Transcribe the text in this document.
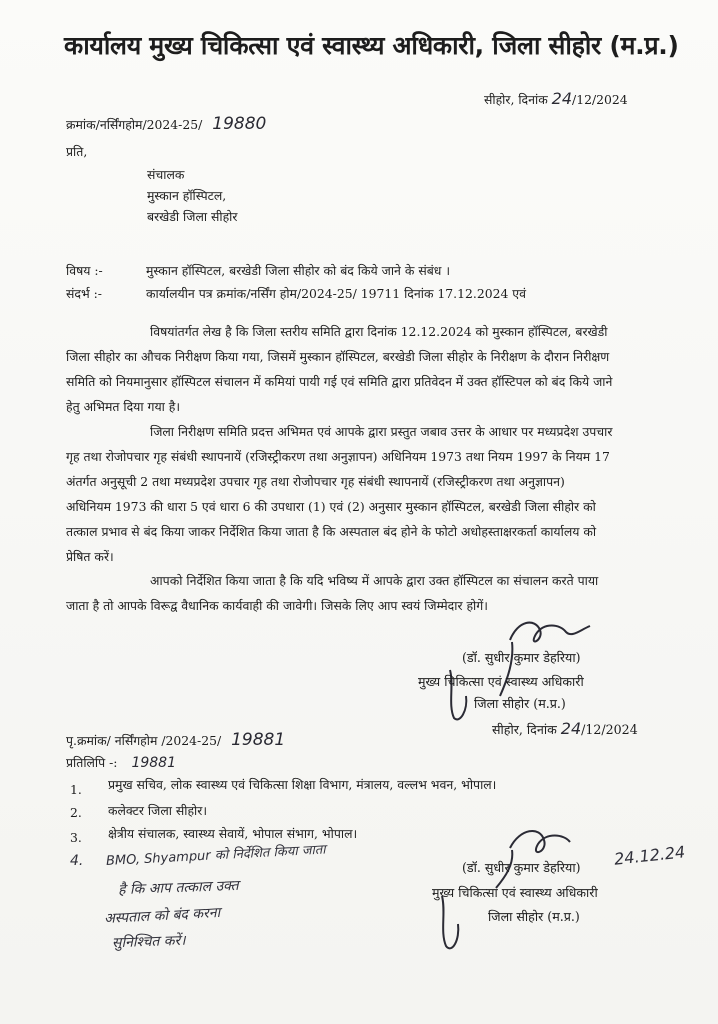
कार्यालय मुख्य चिकित्सा एवं स्वास्थ्य अधिकारी, जिला सीहोर (म.प्र.)
सीहोर, दिनांक 24/12/2024
क्रमांक/नर्सिंगहोम/2024-25/ 19880
प्रति,
संचालक
मुस्कान हॉस्पिटल,
बरखेडी जिला सीहोर
विषय :-	मुस्कान हॉस्पिटल, बरखेडी जिला सीहोर को बंद किये जाने के संबंध ।
संदर्भ :-	कार्यालयीन पत्र क्रमांक/नर्सिंग होम/2024-25/ 19711 दिनांक 17.12.2024 एवं
विषयांतर्गत लेख है कि जिला स्तरीय समिति द्वारा दिनांक 12.12.2024 को मुस्कान हॉस्पिटल, बरखेडी
जिला सीहोर का औचक निरीक्षण किया गया, जिसमें मुस्कान हॉस्पिटल, बरखेडी जिला सीहोर के निरीक्षण के दौरान निरीक्षण
समिति को नियमानुसार हॉस्पिटल संचालन में कमियां पायी गई एवं समिति द्वारा प्रतिवेदन में उक्त हॉस्टिपल को बंद किये जाने
हेतु अभिमत दिया गया है।
जिला निरीक्षण समिति प्रदत्त अभिमत एवं आपके द्वारा प्रस्तुत जबाव उत्तर के आधार पर मध्यप्रदेश उपचार
गृह तथा रोजोपचार गृह संबंधी स्थापनायें (रजिस्ट्रीकरण तथा अनुज्ञापन) अधिनियम 1973 तथा नियम 1997 के नियम 17
अंतर्गत अनुसूची 2 तथा मध्यप्रदेश उपचार गृह तथा रोजोपचार गृह संबंधी स्थापनायें (रजिस्ट्रीकरण तथा अनुज्ञापन)
अधिनियम 1973 की धारा 5 एवं धारा 6 की उपधारा (1) एवं (2) अनुसार मुस्कान हॉस्पिटल, बरखेडी जिला सीहोर को
तत्काल प्रभाव से बंद किया जाकर निर्देशित किया जाता है कि अस्पताल बंद होने के फोटो अधोहस्ताक्षरकर्ता कार्यालय को
प्रेषित करें।
आपको निर्देशित किया जाता है कि यदि भविष्य में आपके द्वारा उक्त हॉस्पिटल का संचालन करते पाया
जाता है तो आपके विरूद्व वैधानिक कार्यवाही की जावेगी। जिसके लिए आप स्वयं जिम्मेदार होगें।
(डॉ. सुधीर कुमार डेहरिया)
मुख्य चिकित्सा एवं स्वास्थ्य अधिकारी
जिला सीहोर (म.प्र.)
सीहोर, दिनांक 24/12/2024
पृ.क्रमांक/ नर्सिंगहोम /2024-25/ 19881
प्रतिलिपि -: 19881
1. प्रमुख सचिव, लोक स्वास्थ्य एवं चिकित्सा शिक्षा विभाग, मंत्रालय, वल्लभ भवन, भोपाल।
2. कलेक्टर जिला सीहोर।
3. क्षेत्रीय संचालक, स्वास्थ्य सेवायें, भोपाल संभाग, भोपाल।
4. BMO, Shyampur को निर्देशित किया जाता
है कि आप तत्काल उक्त
अस्पताल को बंद करना
सुनिश्चित करें।
(डॉ. सुधीर कुमार डेहरिया) 24.12.24
मुख्य चिकित्सा एवं स्वास्थ्य अधिकारी
जिला सीहोर (म.प्र.)
